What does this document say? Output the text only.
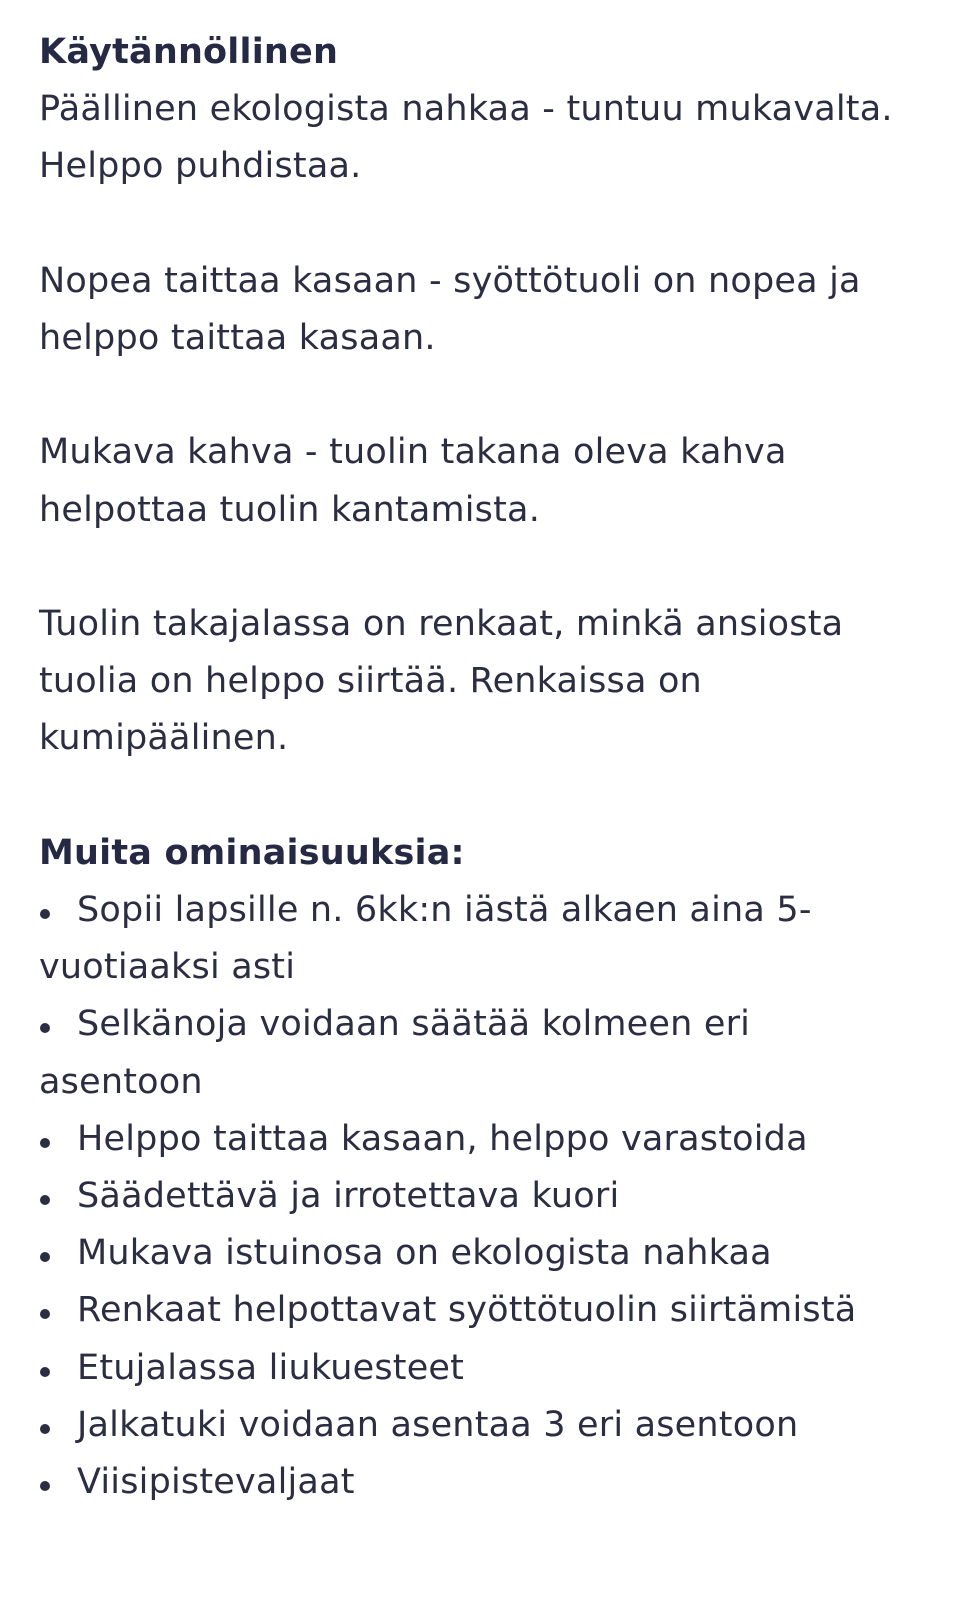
Käytännöllinen
Päällinen ekologista nahkaa - tuntuu mukavalta. Helppo puhdistaa.
Nopea taittaa kasaan - syöttötuoli on nopea ja helppo taittaa kasaan.
Mukava kahva - tuolin takana oleva kahva helpottaa tuolin kantamista.
Tuolin takajalassa on renkaat, minkä ansiosta tuolia on helppo siirtää. Renkaissa on kumipäälinen.
Muita ominaisuuksia:
Sopii lapsille n. 6kk:n iästä alkaen aina 5-vuotiaaksi asti
Selkänoja voidaan säätää kolmeen eri asentoon
Helppo taittaa kasaan, helppo varastoida
Säädettävä ja irrotettava kuori
Mukava istuinosa on ekologista nahkaa
Renkaat helpottavat syöttötuolin siirtämistä
Etujalassa liukuesteet
Jalkatuki voidaan asentaa 3 eri asentoon
Viisipistevaljaat
